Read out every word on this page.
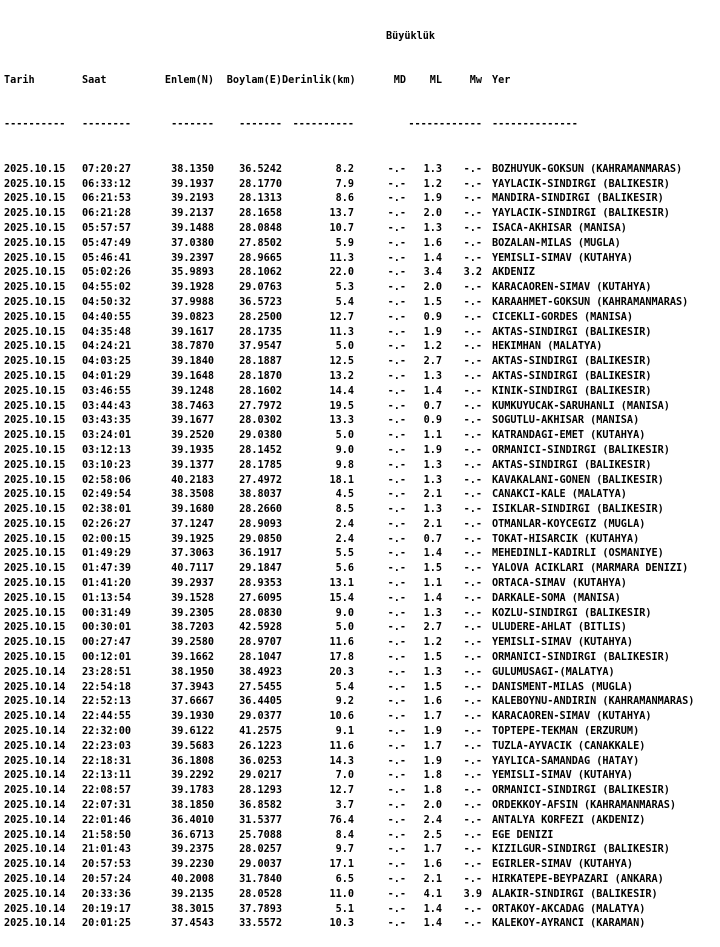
Büyüklük

Tarih	Saat	Enlem(N) Boylam(E)Derinlik(km)	MD ML	Mw Yer

---------- --------	------- ------- ----------	------------ --------------

2025.10.15 07:20:27	38.1350 36.5242	8.2	-.- 1.3 -.- BOZHUYUK-GOKSUN (KAHRAMANMARAS)
2025.10.15 06:33:12	39.1937 28.1770	7.9	-.- 1.2 -.- YAYLACIK-SINDIRGI (BALIKESIR)
2025.10.15 06:21:53	39.2193 28.1313	8.6	-.- 1.9 -.- MANDIRA-SINDIRGI (BALIKESIR)
2025.10.15 06:21:28	39.2137 28.1658	13.7	-.- 2.0 -.- YAYLACIK-SINDIRGI (BALIKESIR)
2025.10.15 05:57:57	39.1488 28.0848	10.7	-.- 1.3 -.- ISACA-AKHISAR (MANISA)
2025.10.15 05:47:49	37.0380 27.8502	5.9	-.- 1.6 -.- BOZALAN-MILAS (MUGLA)
2025.10.15 05:46:41	39.2397 28.9665	11.3	-.- 1.4 -.- YEMISLI-SIMAV (KUTAHYA)
2025.10.15 05:02:26	35.9893 28.1062	22.0	-.- 3.4 3.2 AKDENIZ
2025.10.15 04:55:02	39.1928 29.0763	5.3	-.- 2.0 -.- KARACAOREN-SIMAV (KUTAHYA)
2025.10.15 04:50:32	37.9988 36.5723	5.4	-.- 1.5 -.- KARAAHMET-GOKSUN (KAHRAMANMARAS)
2025.10.15 04:40:55	39.0823 28.2500	12.7	-.- 0.9 -.- CICEKLI-GORDES (MANISA)
2025.10.15 04:35:48	39.1617 28.1735	11.3	-.- 1.9 -.- AKTAS-SINDIRGI (BALIKESIR)
2025.10.15 04:24:21	38.7870 37.9547	5.0	-.- 1.2 -.- HEKIMHAN (MALATYA)
2025.10.15 04:03:25	39.1840 28.1887	12.5	-.- 2.7 -.- AKTAS-SINDIRGI (BALIKESIR)
2025.10.15 04:01:29	39.1648 28.1870	13.2	-.- 1.3 -.- AKTAS-SINDIRGI (BALIKESIR)
2025.10.15 03:46:55	39.1248 28.1602	14.4	-.- 1.4 -.- KINIK-SINDIRGI (BALIKESIR)
2025.10.15 03:44:43	38.7463 27.7972	19.5	-.- 0.7 -.- KUMKUYUCAK-SARUHANLI (MANISA)
2025.10.15 03:43:35	39.1677 28.0302	13.3	-.- 0.9 -.- SOGUTLU-AKHISAR (MANISA)
2025.10.15 03:24:01	39.2520 29.0380	5.0	-.- 1.1 -.- KATRANDAGI-EMET (KUTAHYA)
2025.10.15 03:12:13	39.1935 28.1452	9.0	-.- 1.9 -.- ORMANICI-SINDIRGI (BALIKESIR)
2025.10.15 03:10:23	39.1377 28.1785	9.8	-.- 1.3 -.- AKTAS-SINDIRGI (BALIKESIR)
2025.10.15 02:58:06	40.2183 27.4972	18.1	-.- 1.3 -.- KAVAKALANI-GONEN (BALIKESIR)
2025.10.15 02:49:54	38.3508 38.8037	4.5	-.- 2.1 -.- CANAKCI-KALE (MALATYA)
2025.10.15 02:38:01	39.1680 28.2660	8.5	-.- 1.3 -.- ISIKLAR-SINDIRGI (BALIKESIR)
2025.10.15 02:26:27	37.1247 28.9093	2.4	-.- 2.1 -.- OTMANLAR-KOYCEGIZ (MUGLA)
2025.10.15 02:00:15	39.1925 29.0850	2.4	-.- 0.7 -.- TOKAT-HISARCIK (KUTAHYA)
2025.10.15 01:49:29	37.3063 36.1917	5.5	-.- 1.4 -.- MEHEDINLI-KADIRLI (OSMANIYE)
2025.10.15 01:47:39	40.7117 29.1847	5.6	-.- 1.5 -.- YALOVA ACIKLARI (MARMARA DENIZI)
2025.10.15 01:41:20	39.2937 28.9353	13.1	-.- 1.1 -.- ORTACA-SIMAV (KUTAHYA)
2025.10.15 01:13:54	39.1528 27.6095	15.4	-.- 1.4 -.- DARKALE-SOMA (MANISA)
2025.10.15 00:31:49	39.2305 28.0830	9.0	-.- 1.3 -.- KOZLU-SINDIRGI (BALIKESIR)
2025.10.15 00:30:01	38.7203 42.5928	5.0	-.- 2.7 -.- ULUDERE-AHLAT (BITLIS)
2025.10.15 00:27:47	39.2580 28.9707	11.6	-.- 1.2 -.- YEMISLI-SIMAV (KUTAHYA)
2025.10.15 00:12:01	39.1662 28.1047	17.8	-.- 1.5 -.- ORMANICI-SINDIRGI (BALIKESIR)
2025.10.14 23:28:51	38.1950 38.4923	20.3	-.- 1.3 -.- GULUMUSAGI-(MALATYA)
2025.10.14 22:54:18	37.3943 27.5455	5.4	-.- 1.5 -.- DANISMENT-MILAS (MUGLA)
2025.10.14 22:52:13	37.6667 36.4405	9.2	-.- 1.6 -.- KALEBOYNU-ANDIRIN (KAHRAMANMARAS)
2025.10.14 22:44:55	39.1930 29.0377	10.6	-.- 1.7 -.- KARACAOREN-SIMAV (KUTAHYA)
2025.10.14 22:32:00	39.6122 41.2575	9.1	-.- 1.9 -.- TOPTEPE-TEKMAN (ERZURUM)
2025.10.14 22:23:03	39.5683 26.1223	11.6	-.- 1.7 -.- TUZLA-AYVACIK (CANAKKALE)
2025.10.14 22:18:31	36.1808 36.0253	14.3	-.- 1.9 -.- YAYLICA-SAMANDAG (HATAY)
2025.10.14 22:13:11	39.2292 29.0217	7.0	-.- 1.8 -.- YEMISLI-SIMAV (KUTAHYA)
2025.10.14 22:08:57	39.1783 28.1293	12.7	-.- 1.8 -.- ORMANICI-SINDIRGI (BALIKESIR)
2025.10.14 22:07:31	38.1850 36.8582	3.7	-.- 2.0 -.- ORDEKKOY-AFSIN (KAHRAMANMARAS)
2025.10.14 22:01:46	36.4010 31.5377	76.4	-.- 2.4 -.- ANTALYA KORFEZI (AKDENIZ)
2025.10.14 21:58:50	36.6713 25.7088	8.4	-.- 2.5 -.- EGE DENIZI
2025.10.14 21:01:43	39.2375 28.0257	9.7	-.- 1.7 -.- KIZILGUR-SINDIRGI (BALIKESIR)
2025.10.14 20:57:53	39.2230 29.0037	17.1	-.- 1.6 -.- EGIRLER-SIMAV (KUTAHYA)
2025.10.14 20:57:24	40.2008 31.7840	6.5	-.- 2.1 -.- HIRKATEPE-BEYPAZARI (ANKARA)
2025.10.14 20:33:36	39.2135 28.0528	11.0	-.- 4.1 3.9 ALAKIR-SINDIRGI (BALIKESIR)
2025.10.14 20:19:17	38.3015 37.7893	5.1	-.- 1.4 -.- ORTAKOY-AKCADAG (MALATYA)
2025.10.14 20:01:25	37.4543 33.5572	10.3	-.- 1.4 -.- KALEKOY-AYRANCI (KARAMAN)
